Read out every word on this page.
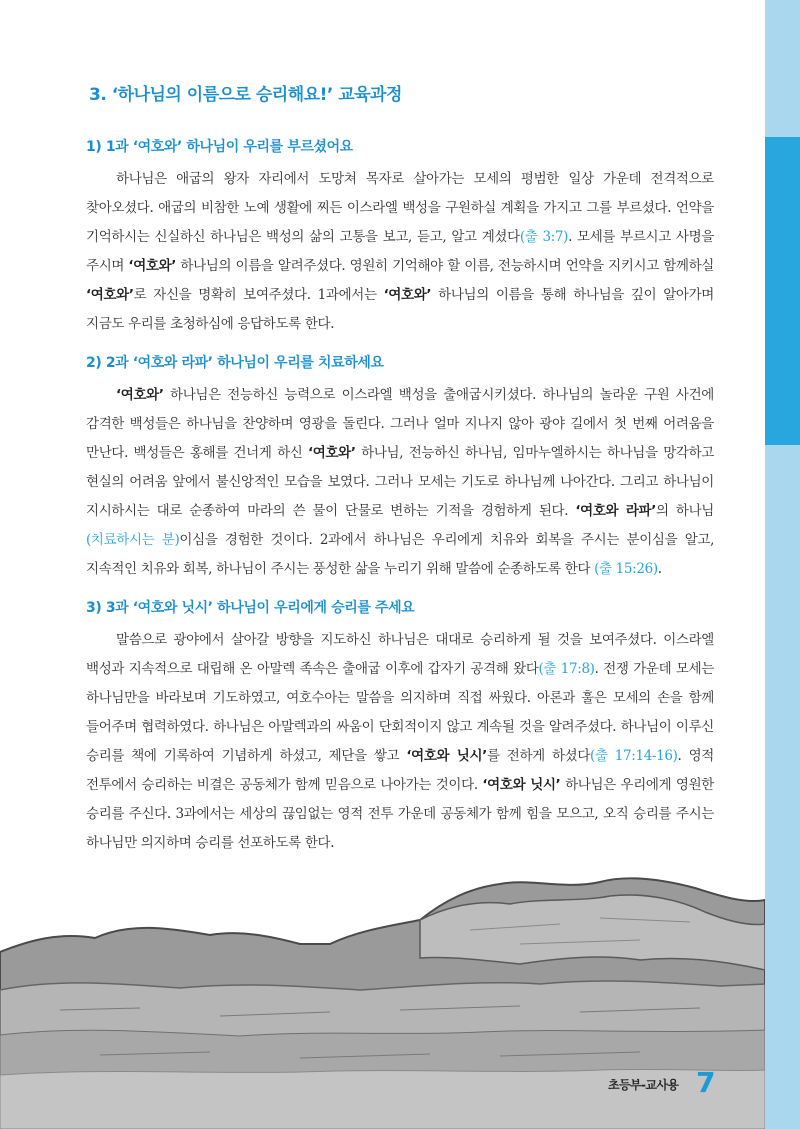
3. ‘하나님의 이름으로 승리해요!’ 교육과정
1) 1과 ‘여호와’ 하나님이 우리를 부르셨어요
하나님은 애굽의 왕자 자리에서 도망쳐 목자로 살아가는 모세의 평범한 일상 가운데 전격적으로 찾아오셨다. 애굽의 비참한 노예 생활에 찌든 이스라엘 백성을 구원하실 계획을 가지고 그를 부르셨다. 언약을 기억하시는 신실하신 하나님은 백성의 삶의 고통을 보고, 듣고, 알고 계셨다(출 3:7). 모세를 부르시고 사명을 주시며 ‘여호와’ 하나님의 이름을 알려주셨다. 영원히 기억해야 할 이름, 전능하시며 언약을 지키시고 함께하실 ‘여호와’로 자신을 명확히 보여주셨다. 1과에서는 ‘여호와’ 하나님의 이름을 통해 하나님을 깊이 알아가며 지금도 우리를 초청하심에 응답하도록 한다.
2) 2과 ‘여호와 라파’ 하나님이 우리를 치료하세요
‘여호와’ 하나님은 전능하신 능력으로 이스라엘 백성을 출애굽시키셨다. 하나님의 놀라운 구원 사건에 감격한 백성들은 하나님을 찬양하며 영광을 돌린다. 그러나 얼마 지나지 않아 광야 길에서 첫 번째 어려움을 만난다. 백성들은 홍해를 건너게 하신 ‘여호와’ 하나님, 전능하신 하나님, 임마누엘하시는 하나님을 망각하고 현실의 어려움 앞에서 불신앙적인 모습을 보였다. 그러나 모세는 기도로 하나님께 나아간다. 그리고 하나님이 지시하시는 대로 순종하여 마라의 쓴 물이 단물로 변하는 기적을 경험하게 된다. ‘여호와 라파’의 하나님(치료하시는 분)이심을 경험한 것이다. 2과에서 하나님은 우리에게 치유와 회복을 주시는 분이심을 알고, 지속적인 치유와 회복, 하나님이 주시는 풍성한 삶을 누리기 위해 말씀에 순종하도록 한다 (출 15:26).
3) 3과 ‘여호와 닛시’ 하나님이 우리에게 승리를 주세요
말씀으로 광야에서 살아갈 방향을 지도하신 하나님은 대대로 승리하게 될 것을 보여주셨다. 이스라엘 백성과 지속적으로 대립해 온 아말렉 족속은 출애굽 이후에 갑자기 공격해 왔다(출 17:8). 전쟁 가운데 모세는 하나님만을 바라보며 기도하였고, 여호수아는 말씀을 의지하며 직접 싸웠다. 아론과 훌은 모세의 손을 함께 들어주며 협력하였다. 하나님은 아말렉과의 싸움이 단회적이지 않고 계속될 것을 알려주셨다. 하나님이 이루신 승리를 책에 기록하여 기념하게 하셨고, 제단을 쌓고 ‘여호와 닛시’를 전하게 하셨다(출 17:14-16). 영적 전투에서 승리하는 비결은 공동체가 함께 믿음으로 나아가는 것이다. ‘여호와 닛시’ 하나님은 우리에게 영원한 승리를 주신다. 3과에서는 세상의 끊임없는 영적 전투 가운데 공동체가 함께 힘을 모으고, 오직 승리를 주시는 하나님만 의지하며 승리를 선포하도록 한다.
초등부-교사용 7
